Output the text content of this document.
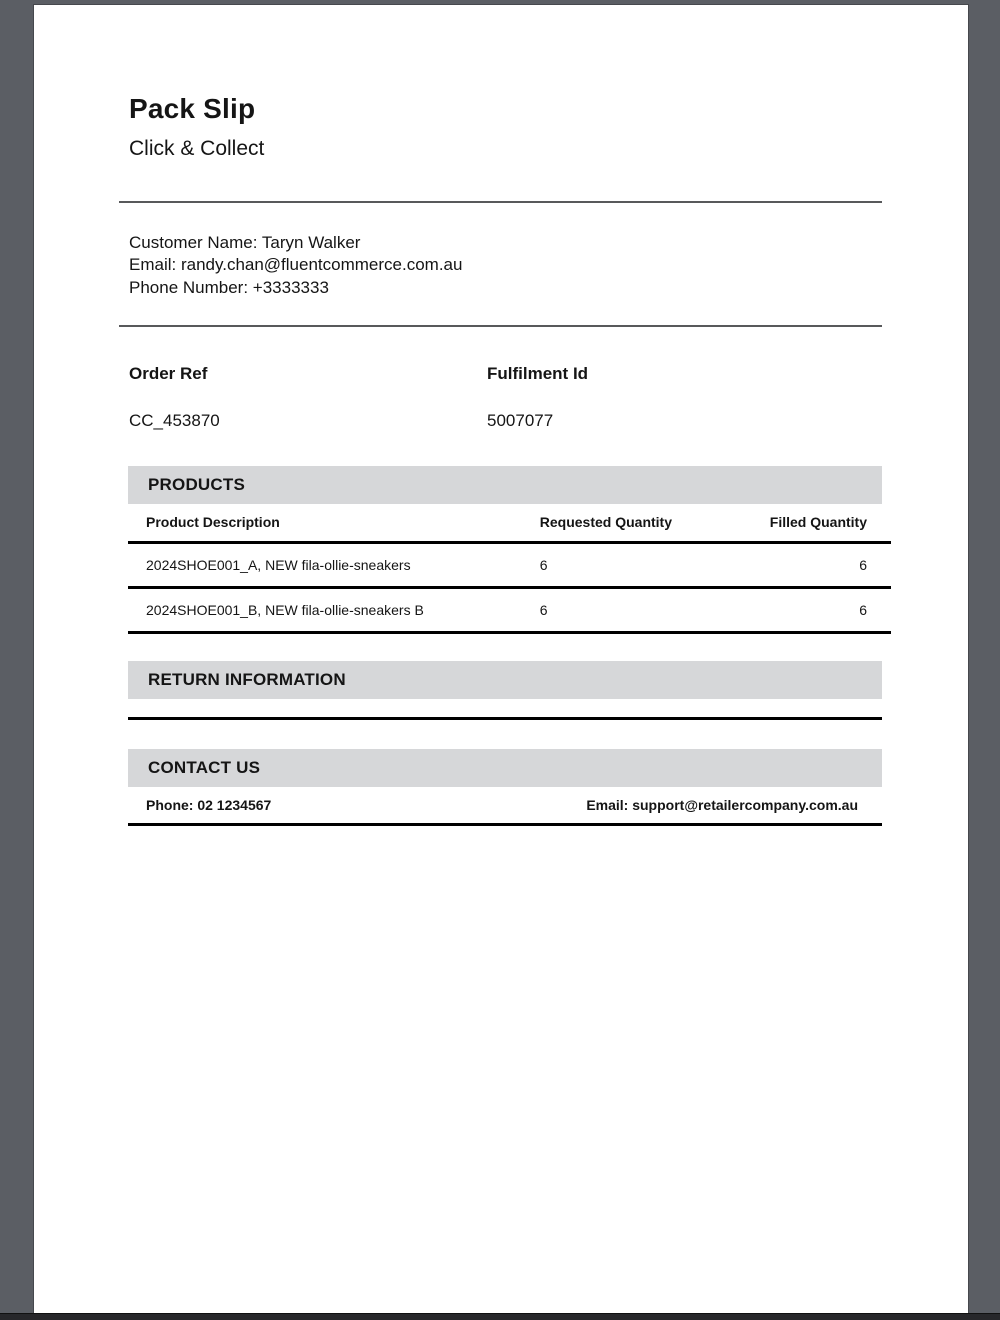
Pack Slip
Click & Collect
Customer Name: Taryn Walker
Email: randy.chan@fluentcommerce.com.au
Phone Number: +3333333
Order Ref	Fulfilment Id
CC_453870	5007077
PRODUCTS
Product Description	Requested Quantity	Filled Quantity
2024SHOE001_A, NEW fila-ollie-sneakers	6	6
2024SHOE001_B, NEW fila-ollie-sneakers B	6	6
RETURN INFORMATION
CONTACT US
Phone: 02 1234567	Email: support@retailercompany.com.au
